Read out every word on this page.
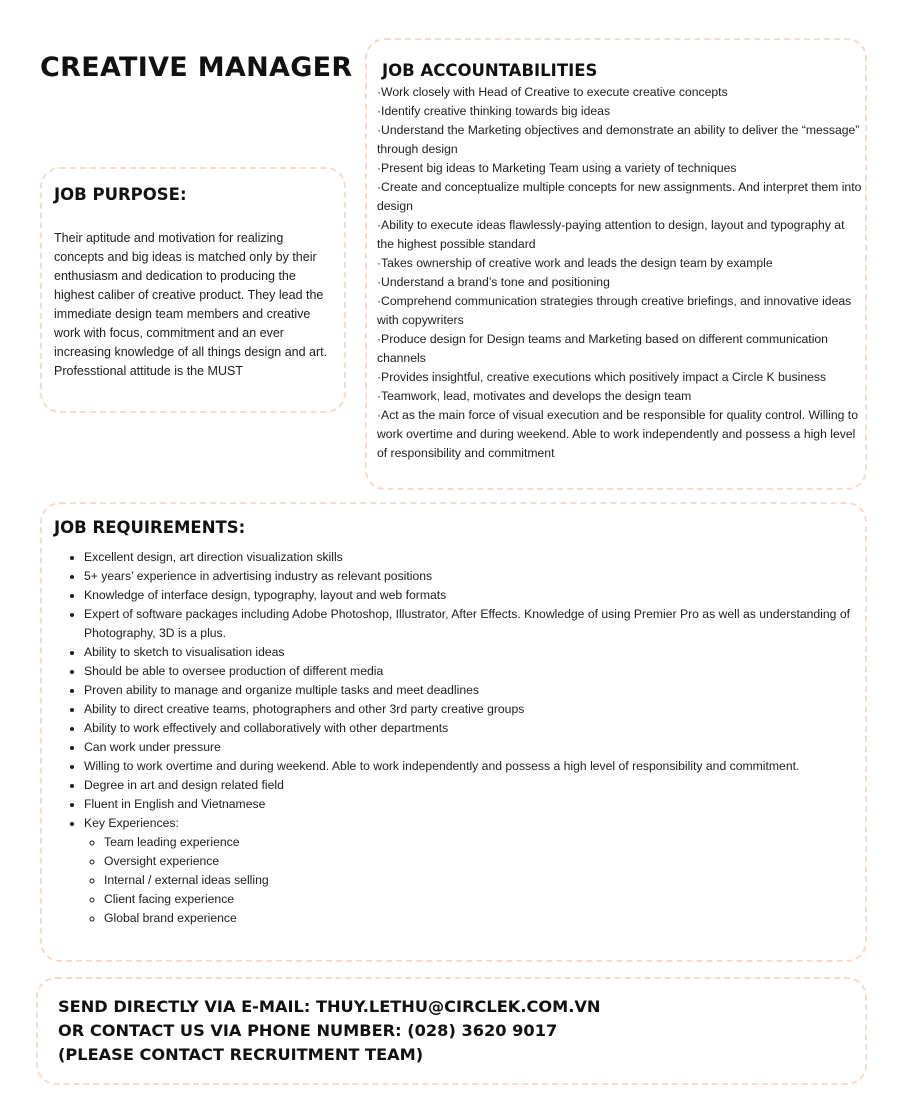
CREATIVE MANAGER
JOB PURPOSE:

Their aptitude and motivation for realizing concepts and big ideas is matched only by their enthusiasm and dedication to producing the highest caliber of creative product. They lead the immediate design team members and creative work with focus, commitment and an ever increasing knowledge of all things design and art.

Professtional attitude is the MUST

JOB ACCOUNTABILITIES
·Work closely with Head of Creative to execute creative concepts
·Identify creative thinking towards big ideas
·Understand the Marketing objectives and demonstrate an ability to deliver the “message” through design
·Present big ideas to Marketing Team using a variety of techniques
·Create and conceptualize multiple concepts for new assignments. And interpret them into design
·Ability to execute ideas flawlessly-paying attention to design, layout and typography at the highest possible standard
·Takes ownership of creative work and leads the design team by example
·Understand a brand’s tone and positioning
·Comprehend communication strategies through creative briefings, and innovative ideas with copywriters
·Produce design for Design teams and Marketing based on different communication channels
·Provides insightful, creative executions which positively impact a Circle K business
·Teamwork, lead, motivates and develops the design team
·Act as the main force of visual execution and be responsible for quality control. Willing to work overtime and during weekend. Able to work independently and possess a high level of responsibility and commitment
JOB REQUIREMENTS:
• Excellent design, art direction visualization skills
• 5+ years’ experience in advertising industry as relevant positions
• Knowledge of interface design, typography, layout and web formats
• Expert of software packages including Adobe Photoshop, Illustrator, After Effects. Knowledge of using Premier Pro as well as understanding of Photography, 3D is a plus.
• Ability to sketch to visualisation ideas
• Should be able to oversee production of different media
• Proven ability to manage and organize multiple tasks and meet deadlines
• Ability to direct creative teams, photographers and other 3rd party creative groups
• Ability to work effectively and collaboratively with other departments
• Can work under pressure
• Willing to work overtime and during weekend. Able to work independently and possess a high level of responsibility and commitment.
• Degree in art and design related field
• Fluent in English and Vietnamese
• Key Experiences:
◦ Team leading experience
◦ Oversight experience
◦ Internal / external ideas selling
◦ Client facing experience
◦ Global brand experience
SEND DIRECTLY VIA E-MAIL: THUY.LETHU@CIRCLEK.COM.VN
OR CONTACT US VIA PHONE NUMBER: (028) 3620 9017
(PLEASE CONTACT RECRUITMENT TEAM)
